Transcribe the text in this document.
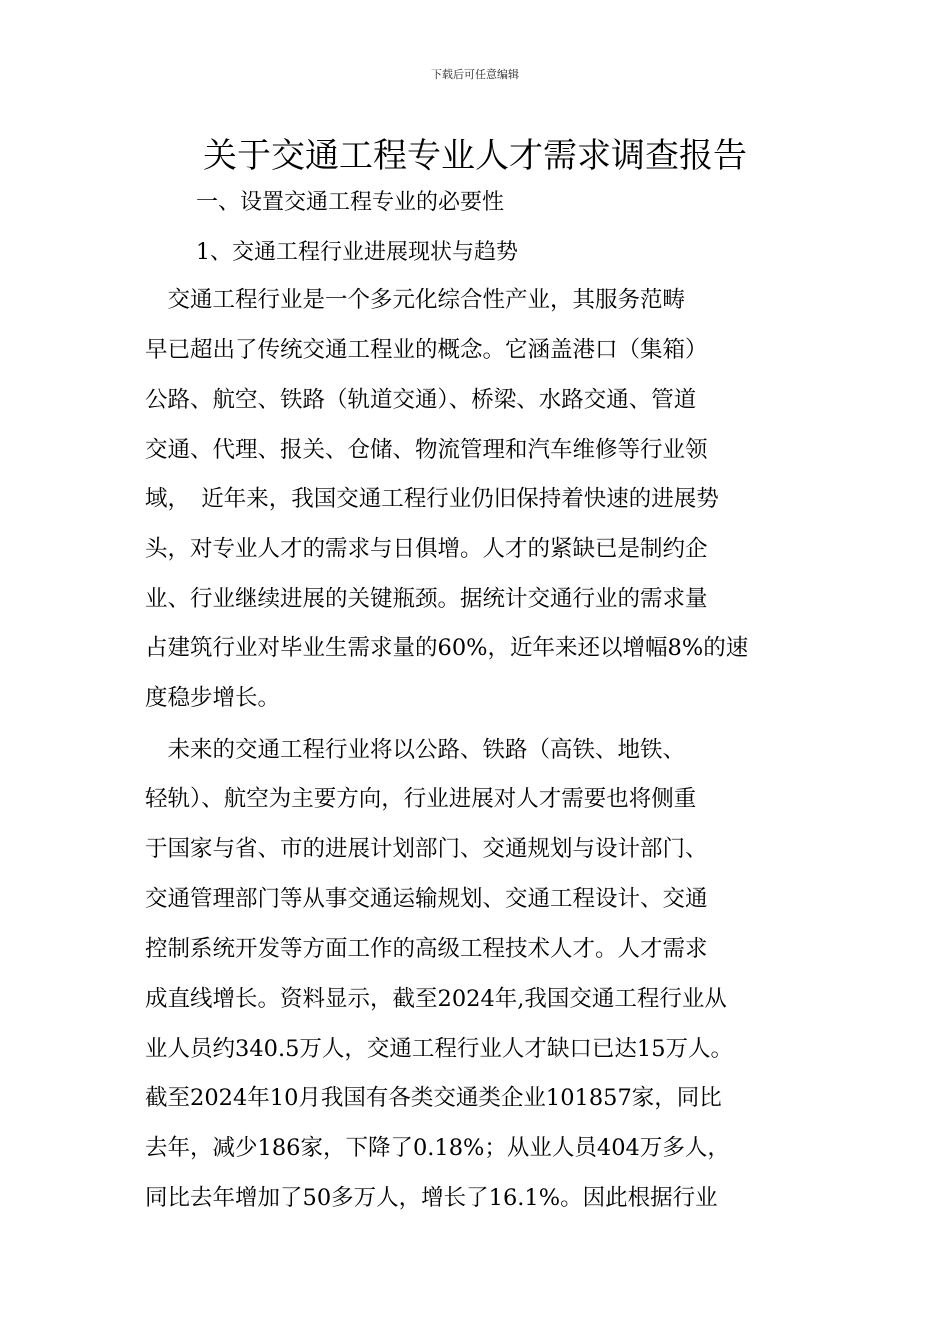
下载后可任意编辑
关于交通工程专业人才需求调查报告
一、设置交通工程专业的必要性
1、交通工程行业进展现状与趋势
　交通工程行业是一个多元化综合性产业，其服务范畴
早已超出了传统交通工程业的概念。它涵盖港口（集箱）
公路、航空、铁路（轨道交通）、桥梁、水路交通、管道
交通、代理、报关、仓储、物流管理和汽车维修等行业领
域，　近年来，我国交通工程行业仍旧保持着快速的进展势
头，对专业人才的需求与日俱增。人才的紧缺已是制约企
业、行业继续进展的关键瓶颈。据统计交通行业的需求量
占建筑行业对毕业生需求量的60%，近年来还以增幅8%的速
度稳步增长。
　未来的交通工程行业将以公路、铁路（高铁、地铁、
轻轨）、航空为主要方向，行业进展对人才需要也将侧重
于国家与省、市的进展计划部门、交通规划与设计部门、
交通管理部门等从事交通运输规划、交通工程设计、交通
控制系统开发等方面工作的高级工程技术人才。人才需求
成直线增长。资料显示，截至2024年,我国交通工程行业从
业人员约340.5万人，交通工程行业人才缺口已达15万人。
截至2024年10月我国有各类交通类企业101857家，同比
去年，减少186家，下降了0.18%；从业人员404万多人，
同比去年增加了50多万人，增长了16.1%。因此根据行业
